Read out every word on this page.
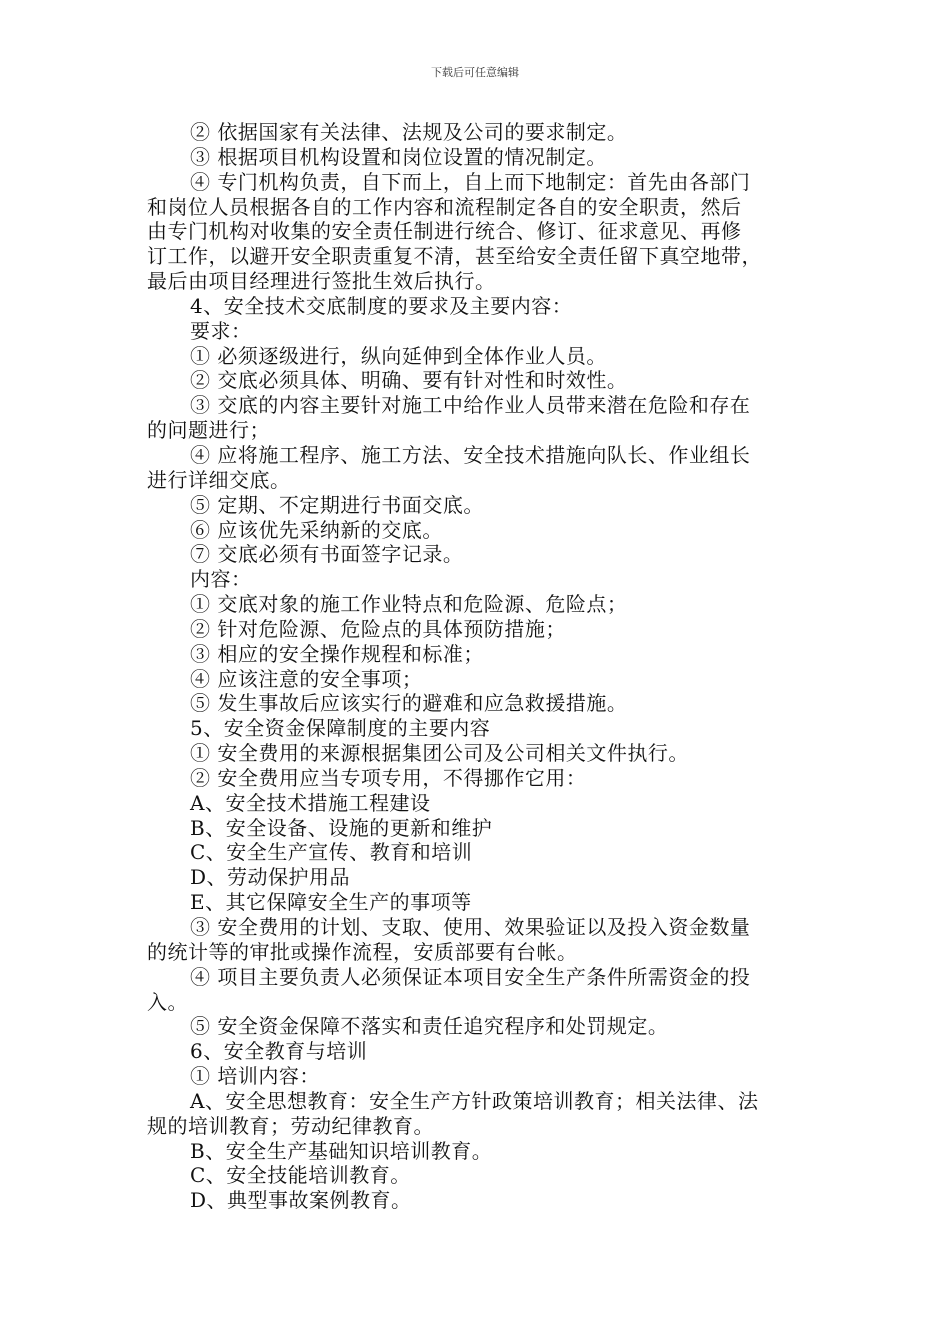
下载后可任意编辑
② 依据国家有关法律、法规及公司的要求制定。
③ 根据项目机构设置和岗位设置的情况制定。
④ 专门机构负责，自下而上，自上而下地制定：首先由各部门
和岗位人员根据各自的工作内容和流程制定各自的安全职责，然后
由专门机构对收集的安全责任制进行统合、修订、征求意见、再修
订工作，以避开安全职责重复不清，甚至给安全责任留下真空地带，
最后由项目经理进行签批生效后执行。
4、安全技术交底制度的要求及主要内容：
要求：
① 必须逐级进行，纵向延伸到全体作业人员。
② 交底必须具体、明确、要有针对性和时效性。
③ 交底的内容主要针对施工中给作业人员带来潜在危险和存在
的问题进行；
④ 应将施工程序、施工方法、安全技术措施向队长、作业组长
进行详细交底。
⑤ 定期、不定期进行书面交底。
⑥ 应该优先采纳新的交底。
⑦ 交底必须有书面签字记录。
内容：
① 交底对象的施工作业特点和危险源、危险点；
② 针对危险源、危险点的具体预防措施；
③ 相应的安全操作规程和标准；
④ 应该注意的安全事项；
⑤ 发生事故后应该实行的避难和应急救援措施。
5、安全资金保障制度的主要内容
① 安全费用的来源根据集团公司及公司相关文件执行。
② 安全费用应当专项专用，不得挪作它用：
A、安全技术措施工程建设
B、安全设备、设施的更新和维护
C、安全生产宣传、教育和培训
D、劳动保护用品
E、其它保障安全生产的事项等
③ 安全费用的计划、支取、使用、效果验证以及投入资金数量
的统计等的审批或操作流程，安质部要有台帐。
④ 项目主要负责人必须保证本项目安全生产条件所需资金的投
入。
⑤ 安全资金保障不落实和责任追究程序和处罚规定。
6、安全教育与培训
① 培训内容：
A、安全思想教育：安全生产方针政策培训教育；相关法律、法
规的培训教育；劳动纪律教育。
B、安全生产基础知识培训教育。
C、安全技能培训教育。
D、典型事故案例教育。
